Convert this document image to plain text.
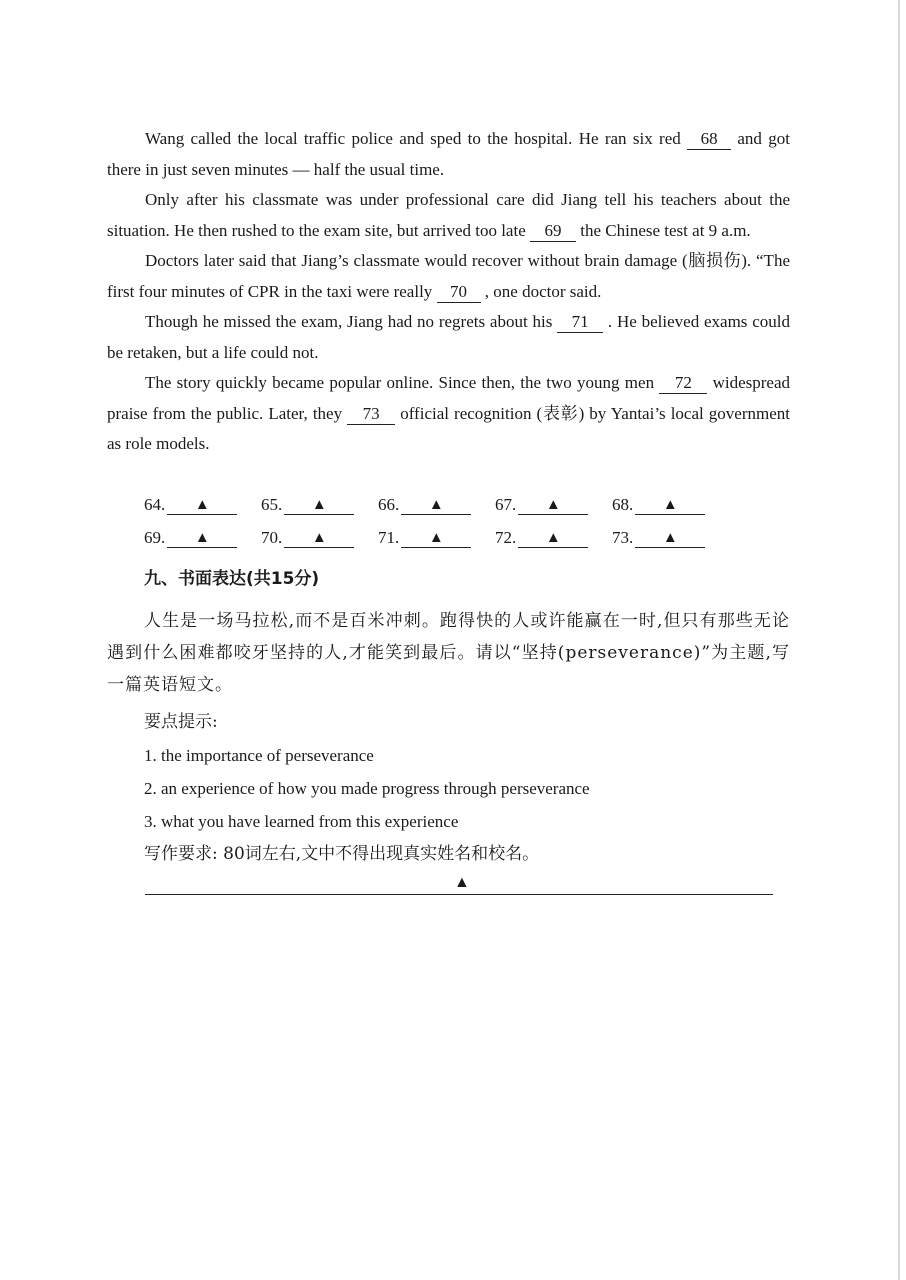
Wang called the local traffic police and sped to the hospital. He ran six red 68 and got there in just seven minutes — half the usual time.

Only after his classmate was under professional care did Jiang tell his teachers about the situation. He then rushed to the exam site, but arrived too late 69 the Chinese test at 9 a.m.

Doctors later said that Jiang’s classmate would recover without brain damage (脑损伤). “The first four minutes of CPR in the taxi were really 70 , one doctor said.

Though he missed the exam, Jiang had no regrets about his 71 . He believed exams could be retaken, but a life could not.

The story quickly became popular online. Since then, the two young men 72 widespread praise from the public. Later, they 73 official recognition (表彰) by Yantai’s local government as role models.

64.	▲	65.	▲	66.	▲	67.	▲	68.	▲
69.	▲	70.	▲	71.	▲	72.	▲	73.	▲
九、书面表达(共15分)

人生是一场马拉松,而不是百米冲刺。跑得快的人或许能赢在一时,但只有那些无论遇到什么困难都咬牙坚持的人,才能笑到最后。请以“坚持(perseverance)”为主题,写一篇英语短文。

要点提示:
1. the importance of perseverance
2. an experience of how you made progress through perseverance
3. what you have learned from this experience
写作要求: 80词左右,文中不得出现真实姓名和校名。
▲
